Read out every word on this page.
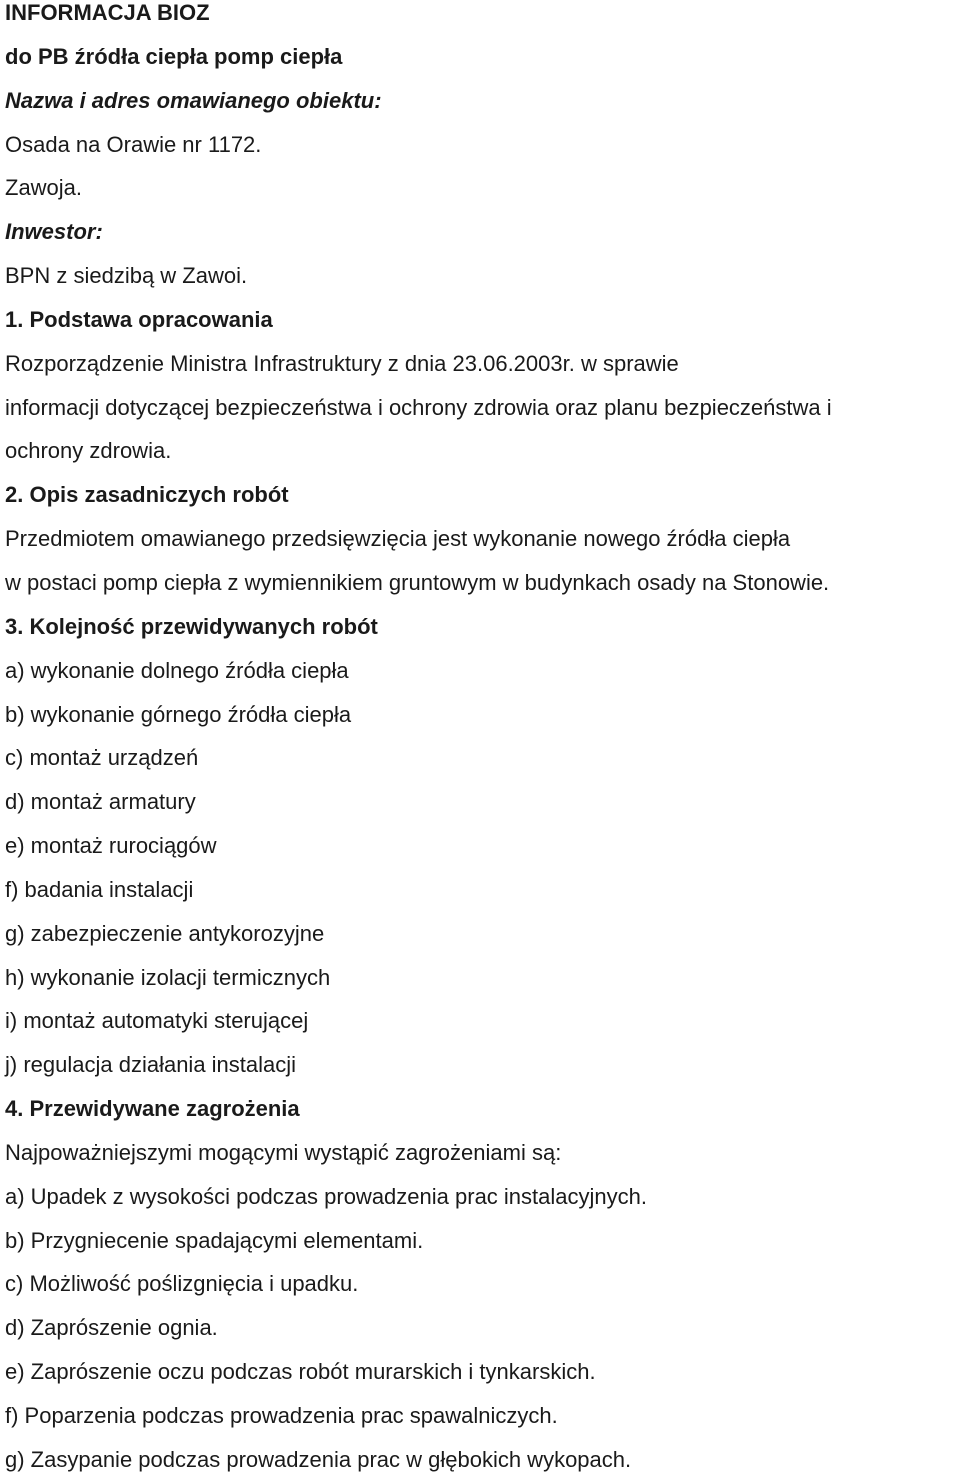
INFORMACJA BIOZ
do PB źródła ciepła pomp ciepła
Nazwa i adres omawianego obiektu:
Osada na Orawie nr 1172.
Zawoja.
Inwestor:
BPN z siedzibą w Zawoi.
1. Podstawa opracowania
Rozporządzenie Ministra Infrastruktury z dnia 23.06.2003r. w sprawie
informacji dotyczącej bezpieczeństwa i ochrony zdrowia oraz planu bezpieczeństwa i
ochrony zdrowia.
2. Opis zasadniczych robót
Przedmiotem omawianego przedsięwzięcia jest wykonanie nowego źródła ciepła
w postaci pomp ciepła z wymiennikiem gruntowym w budynkach osady na Stonowie.
3. Kolejność przewidywanych robót
a) wykonanie dolnego źródła ciepła
b) wykonanie górnego źródła ciepła
c) montaż urządzeń
d) montaż armatury
e) montaż rurociągów
f) badania instalacji
g) zabezpieczenie antykorozyjne
h) wykonanie izolacji termicznych
i) montaż automatyki sterującej
j) regulacja działania instalacji
4. Przewidywane zagrożenia
Najpoważniejszymi mogącymi wystąpić zagrożeniami są:
a) Upadek z wysokości podczas prowadzenia prac instalacyjnych.
b) Przygniecenie spadającymi elementami.
c) Możliwość poślizgnięcia i upadku.
d) Zaprószenie ognia.
e) Zaprószenie oczu podczas robót murarskich i tynkarskich.
f) Poparzenia podczas prowadzenia prac spawalniczych.
g) Zasypanie podczas prowadzenia prac w głębokich wykopach.
